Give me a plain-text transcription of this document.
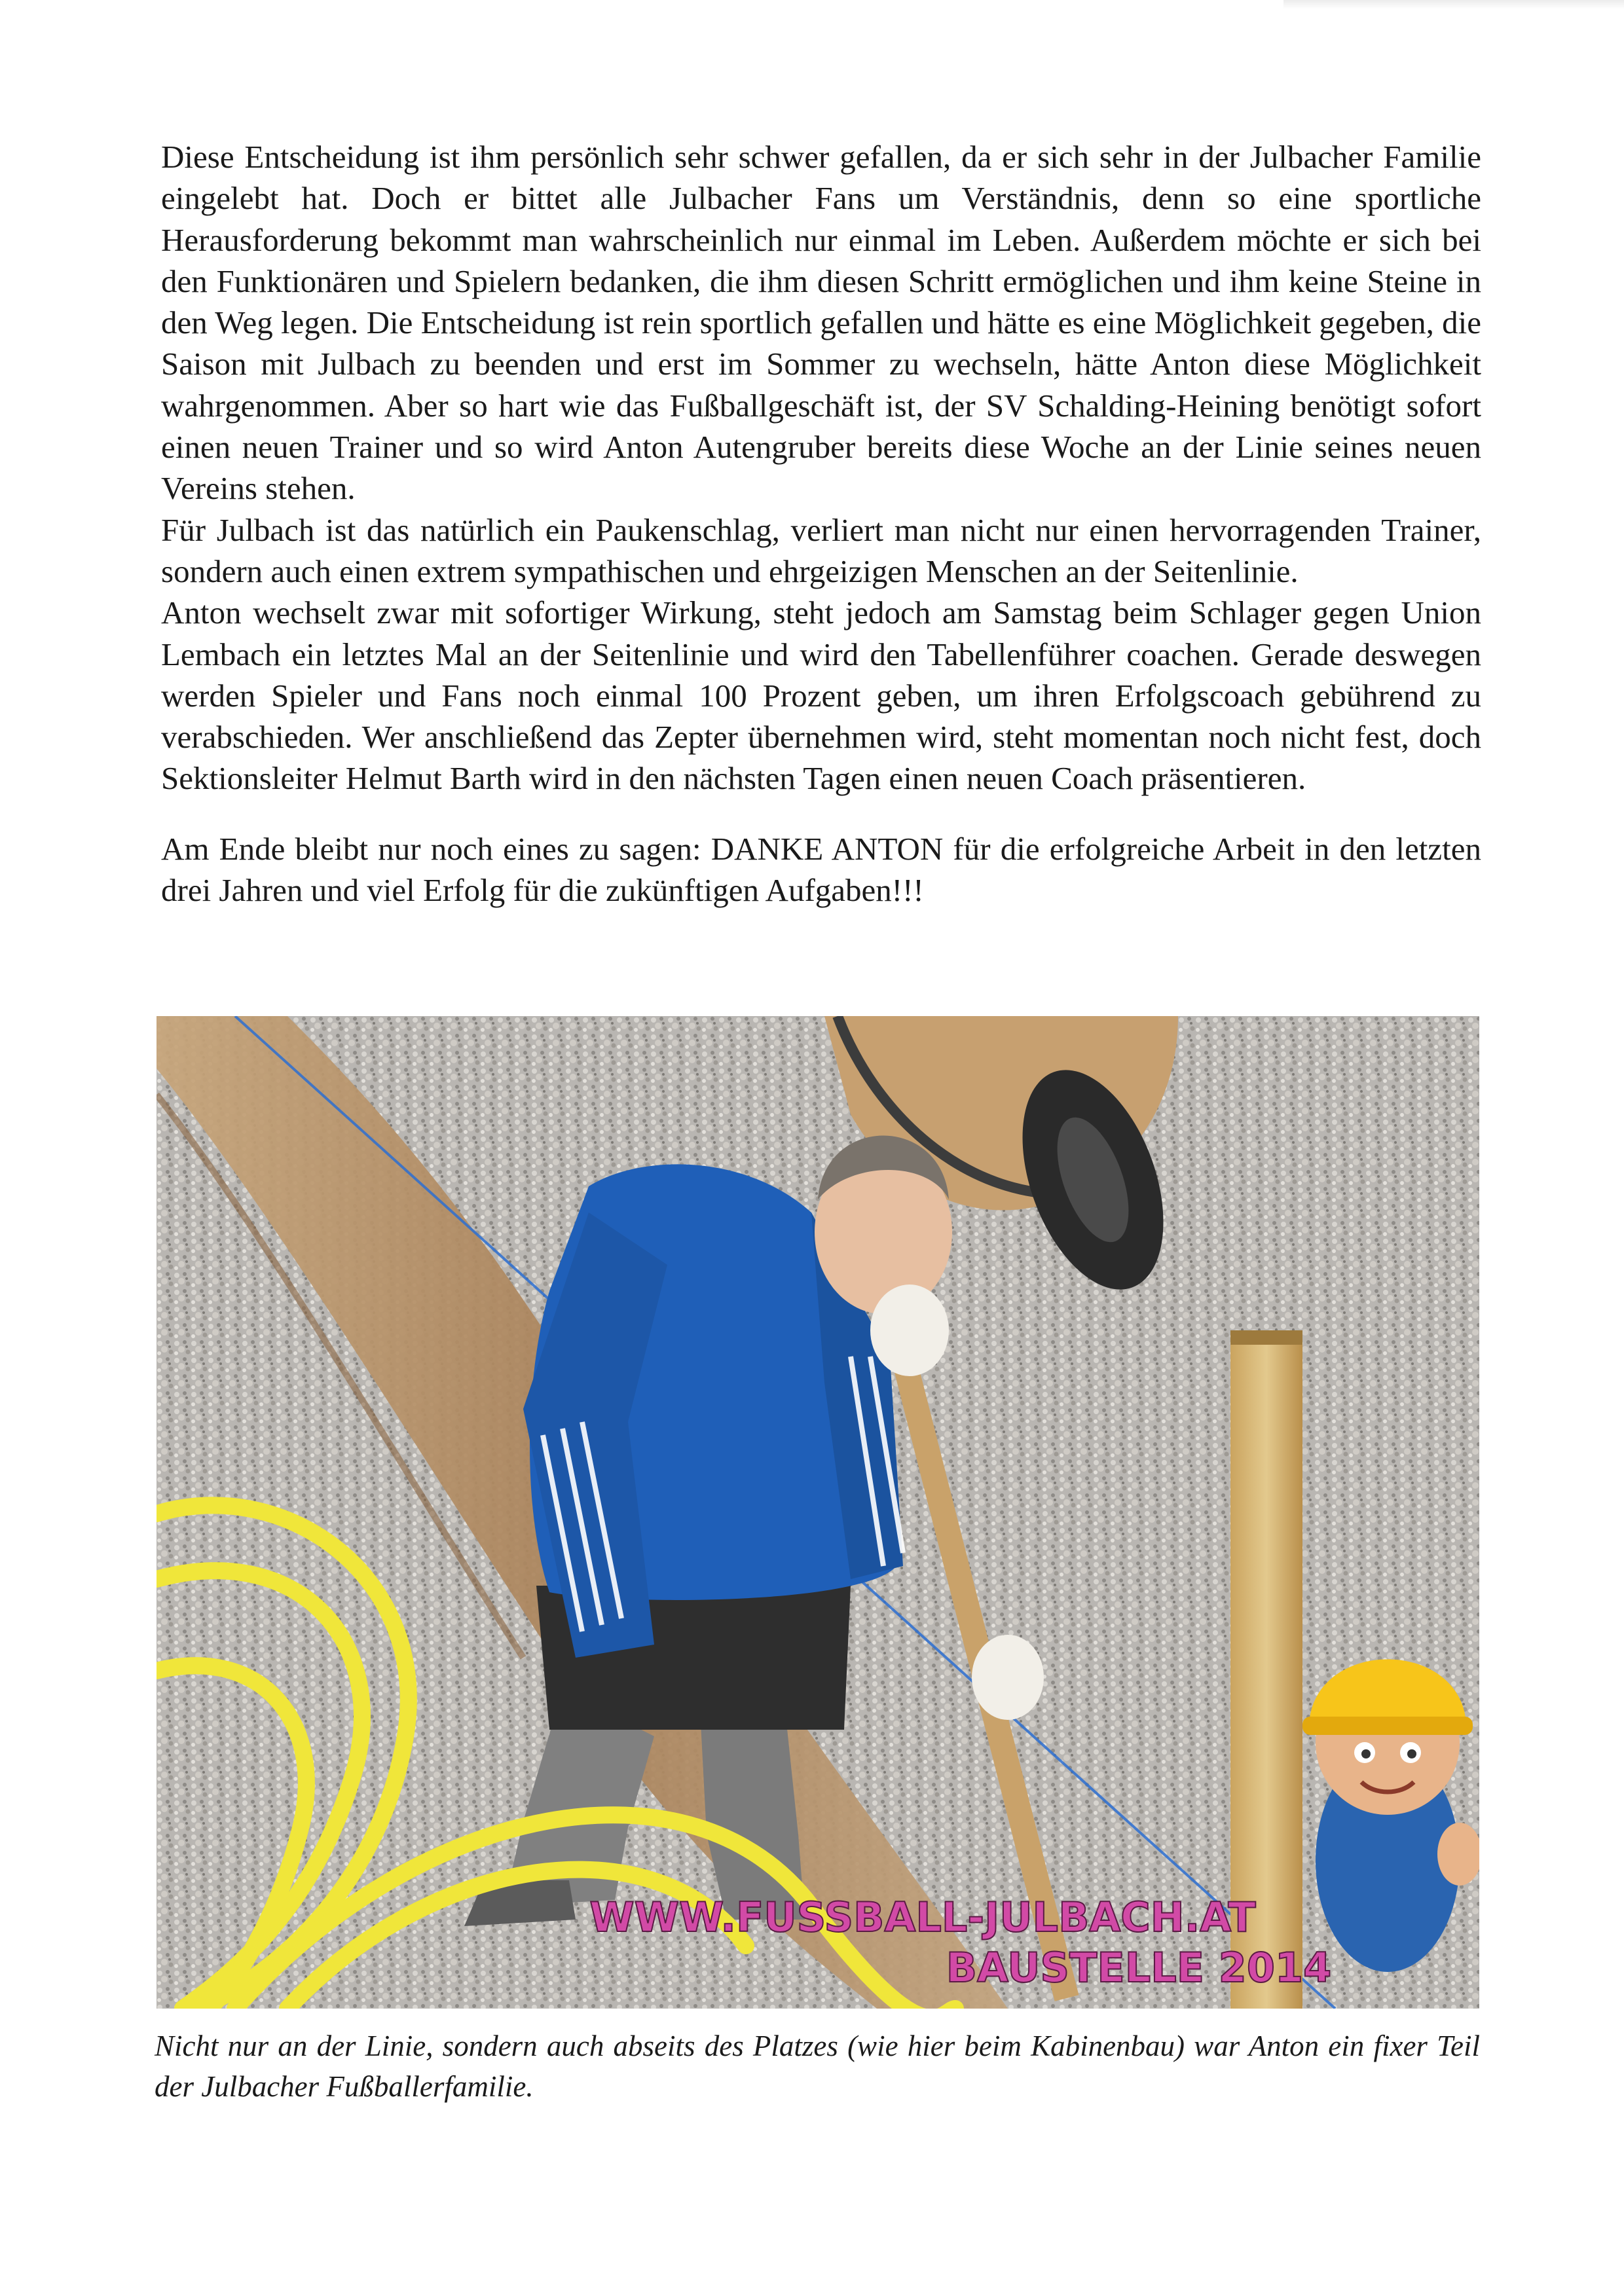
Diese Entscheidung ist ihm persönlich sehr schwer gefallen, da er sich sehr in der Julbacher Familie eingelebt hat. Doch er bittet alle Julbacher Fans um Verständnis, denn so eine sportliche Herausforderung bekommt man wahrscheinlich nur einmal im Leben. Außerdem möchte er sich bei den Funktionären und Spielern bedanken, die ihm diesen Schritt ermöglichen und ihm keine Steine in den Weg legen. Die Entscheidung ist rein sportlich gefallen und hätte es eine Möglichkeit gegeben, die Saison mit Julbach zu beenden und erst im Sommer zu wechseln, hätte Anton diese Möglichkeit wahrgenommen. Aber so hart wie das Fußballgeschäft ist, der SV Schalding-Heining benötigt sofort einen neuen Trainer und so wird Anton Autengruber bereits diese Woche an der Linie seines neuen Vereins stehen.

Für Julbach ist das natürlich ein Paukenschlag, verliert man nicht nur einen hervorragenden Trainer, sondern auch einen extrem sympathischen und ehrgeizigen Menschen an der Seitenlinie.

Anton wechselt zwar mit sofortiger Wirkung, steht jedoch am Samstag beim Schlager gegen Union Lembach ein letztes Mal an der Seitenlinie und wird den Tabellenführer coachen. Gerade deswegen werden Spieler und Fans noch einmal 100 Prozent geben, um ihren Erfolgscoach gebührend zu verabschieden. Wer anschließend das Zepter übernehmen wird, steht momentan noch nicht fest, doch Sektionsleiter Helmut Barth wird in den nächsten Tagen einen neuen Coach präsentieren.

Am Ende bleibt nur noch eines zu sagen: DANKE ANTON für die erfolgreiche Arbeit in den letzten drei Jahren und viel Erfolg für die zukünftigen Aufgaben!!!

WWW.FUSSBALL-JULBACH.AT
BAUSTELLE 2014

Nicht nur an der Linie, sondern auch abseits des Platzes (wie hier beim Kabinenbau) war Anton ein fixer Teil der Julbacher Fußballerfamilie.
